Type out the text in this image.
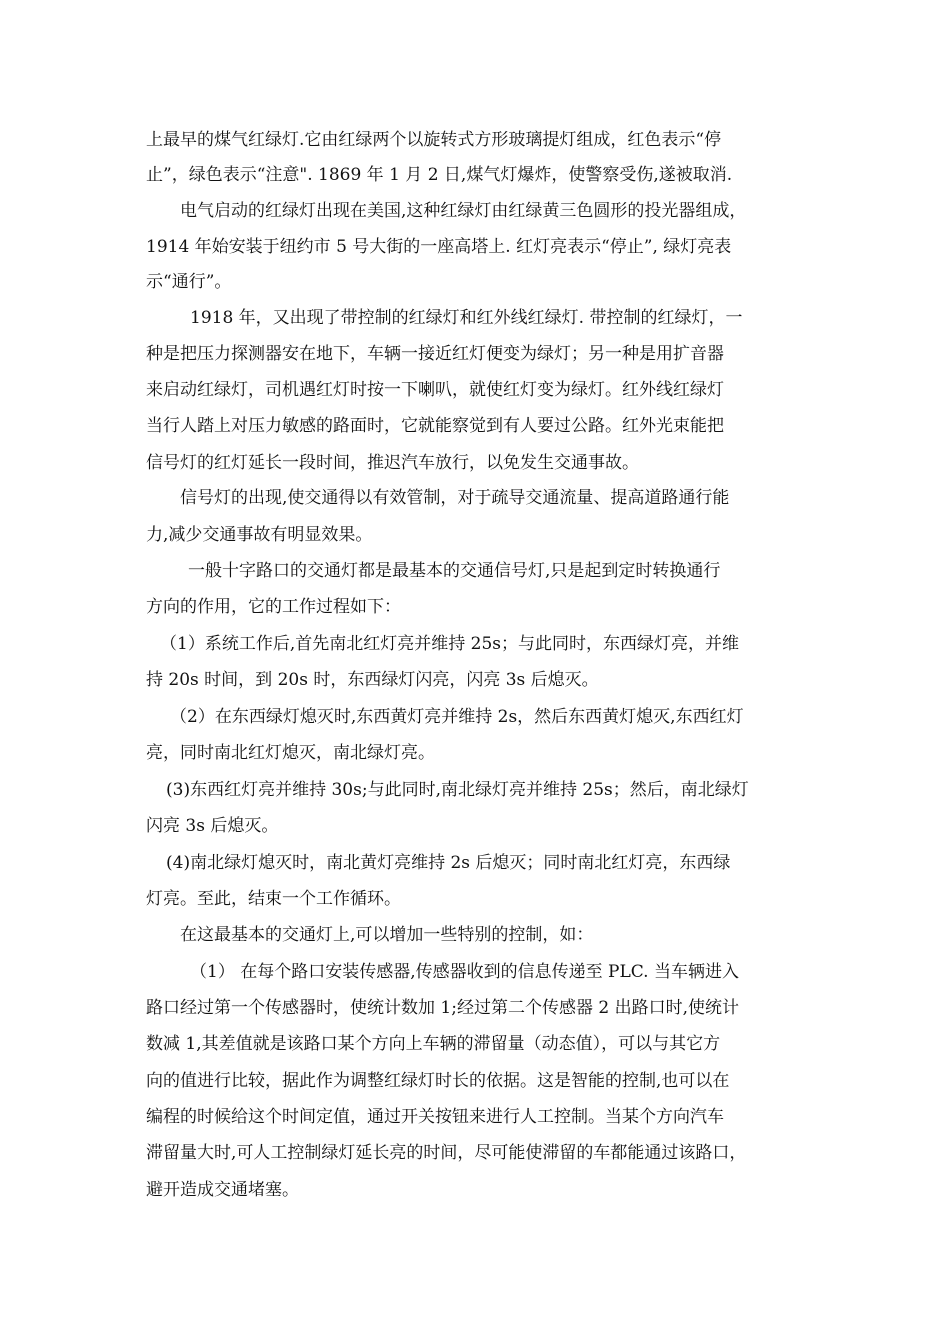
上最早的煤气红绿灯.它由红绿两个以旋转式方形玻璃提灯组成，红色表示“停
止”，绿色表示“注意". 1869 年 1 月 2 日,煤气灯爆炸，使警察受伤,遂被取消.
电气启动的红绿灯出现在美国,这种红绿灯由红绿黄三色圆形的投光器组成，
1914 年始安装于纽约市 5 号大街的一座高塔上. 红灯亮表示“停止”, 绿灯亮表
示“通行”。
1918 年，又出现了带控制的红绿灯和红外线红绿灯. 带控制的红绿灯，一
种是把压力探测器安在地下，车辆一接近红灯便变为绿灯；另一种是用扩音器
来启动红绿灯，司机遇红灯时按一下喇叭，就使红灯变为绿灯。红外线红绿灯
当行人踏上对压力敏感的路面时，它就能察觉到有人要过公路。红外光束能把
信号灯的红灯延长一段时间，推迟汽车放行，以免发生交通事故。
信号灯的出现,使交通得以有效管制，对于疏导交通流量、提高道路通行能
力,减少交通事故有明显效果。
一般十字路口的交通灯都是最基本的交通信号灯,只是起到定时转换通行
方向的作用，它的工作过程如下：
（1）系统工作后,首先南北红灯亮并维持 25s；与此同时，东西绿灯亮，并维
持 20s 时间，到 20s 时，东西绿灯闪亮，闪亮 3s 后熄灭。
（2）在东西绿灯熄灭时,东西黄灯亮并维持 2s，然后东西黄灯熄灭,东西红灯
亮，同时南北红灯熄灭，南北绿灯亮。
(3)东西红灯亮并维持 30s;与此同时,南北绿灯亮并维持 25s；然后，南北绿灯
闪亮 3s 后熄灭。
(4)南北绿灯熄灭时，南北黄灯亮维持 2s 后熄灭；同时南北红灯亮，东西绿
灯亮。至此，结束一个工作循环。
在这最基本的交通灯上,可以增加一些特别的控制，如：
（1） 在每个路口安装传感器,传感器收到的信息传递至 PLC. 当车辆进入
路口经过第一个传感器时，使统计数加 1;经过第二个传感器 2 出路口时,使统计
数减 1,其差值就是该路口某个方向上车辆的滞留量（动态值），可以与其它方
向的值进行比较，据此作为调整红绿灯时长的依据。这是智能的控制,也可以在
编程的时候给这个时间定值，通过开关按钮来进行人工控制。当某个方向汽车
滞留量大时,可人工控制绿灯延长亮的时间，尽可能使滞留的车都能通过该路口，
避开造成交通堵塞。
